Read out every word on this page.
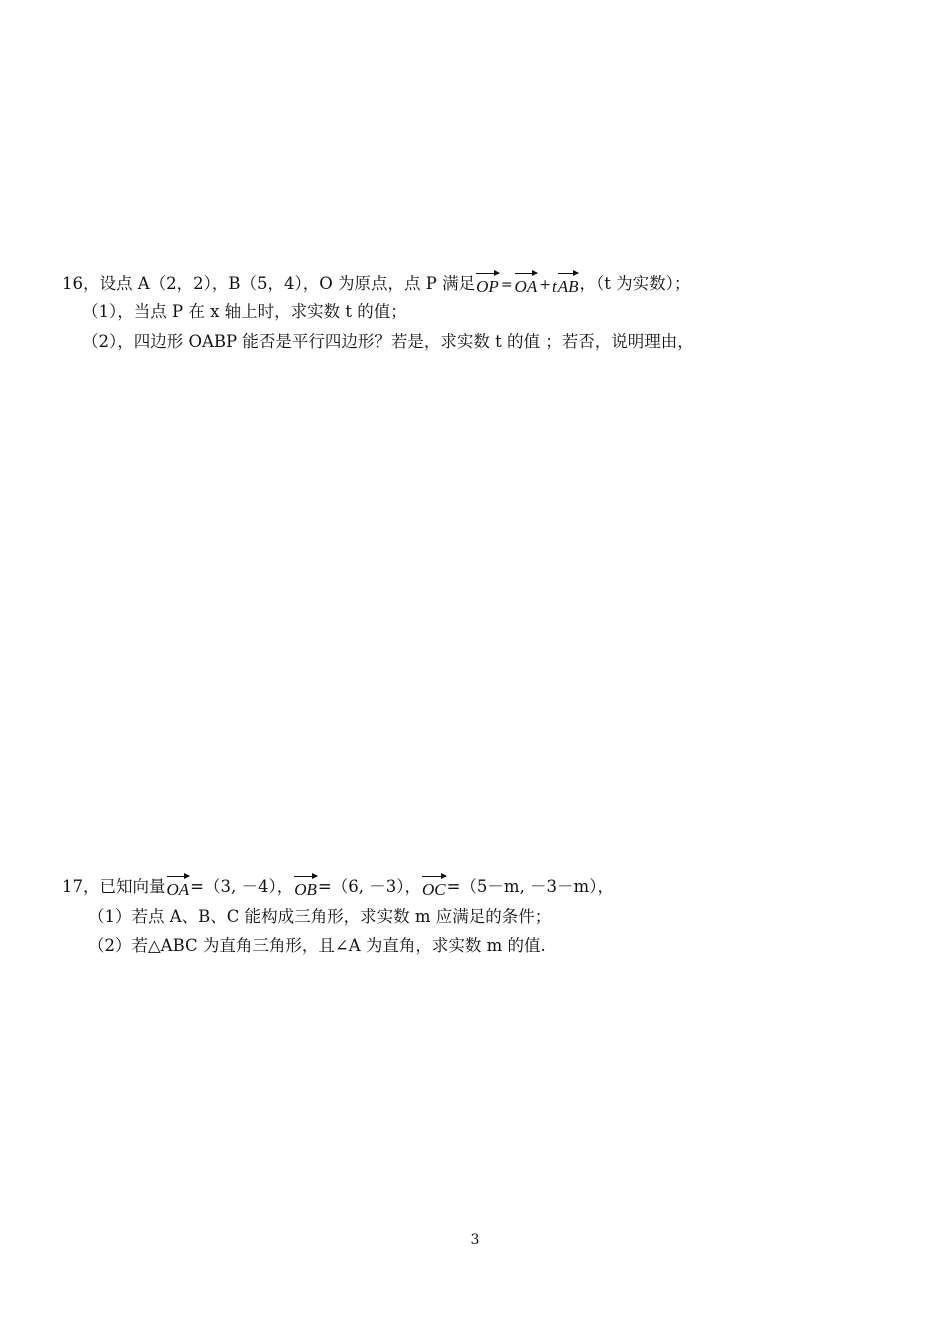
16，设点 A（2，2），B（5，4），O 为原点，点 P 满足OP = OA +tAB，（t 为实数）；
（1），当点 P 在 x 轴上时，求实数 t 的值；
（2），四边形 OABP 能否是平行四边形？若是，求实数 t 的值 ；若否，说明理由，
17，已知向量OA=（3, －4），OB=（6, －3），OC=（5－m, －3－m），
（1）若点 A、B、C 能构成三角形，求实数 m 应满足的条件；
（2）若△ABC 为直角三角形，且∠A 为直角，求实数 m 的值.
3
